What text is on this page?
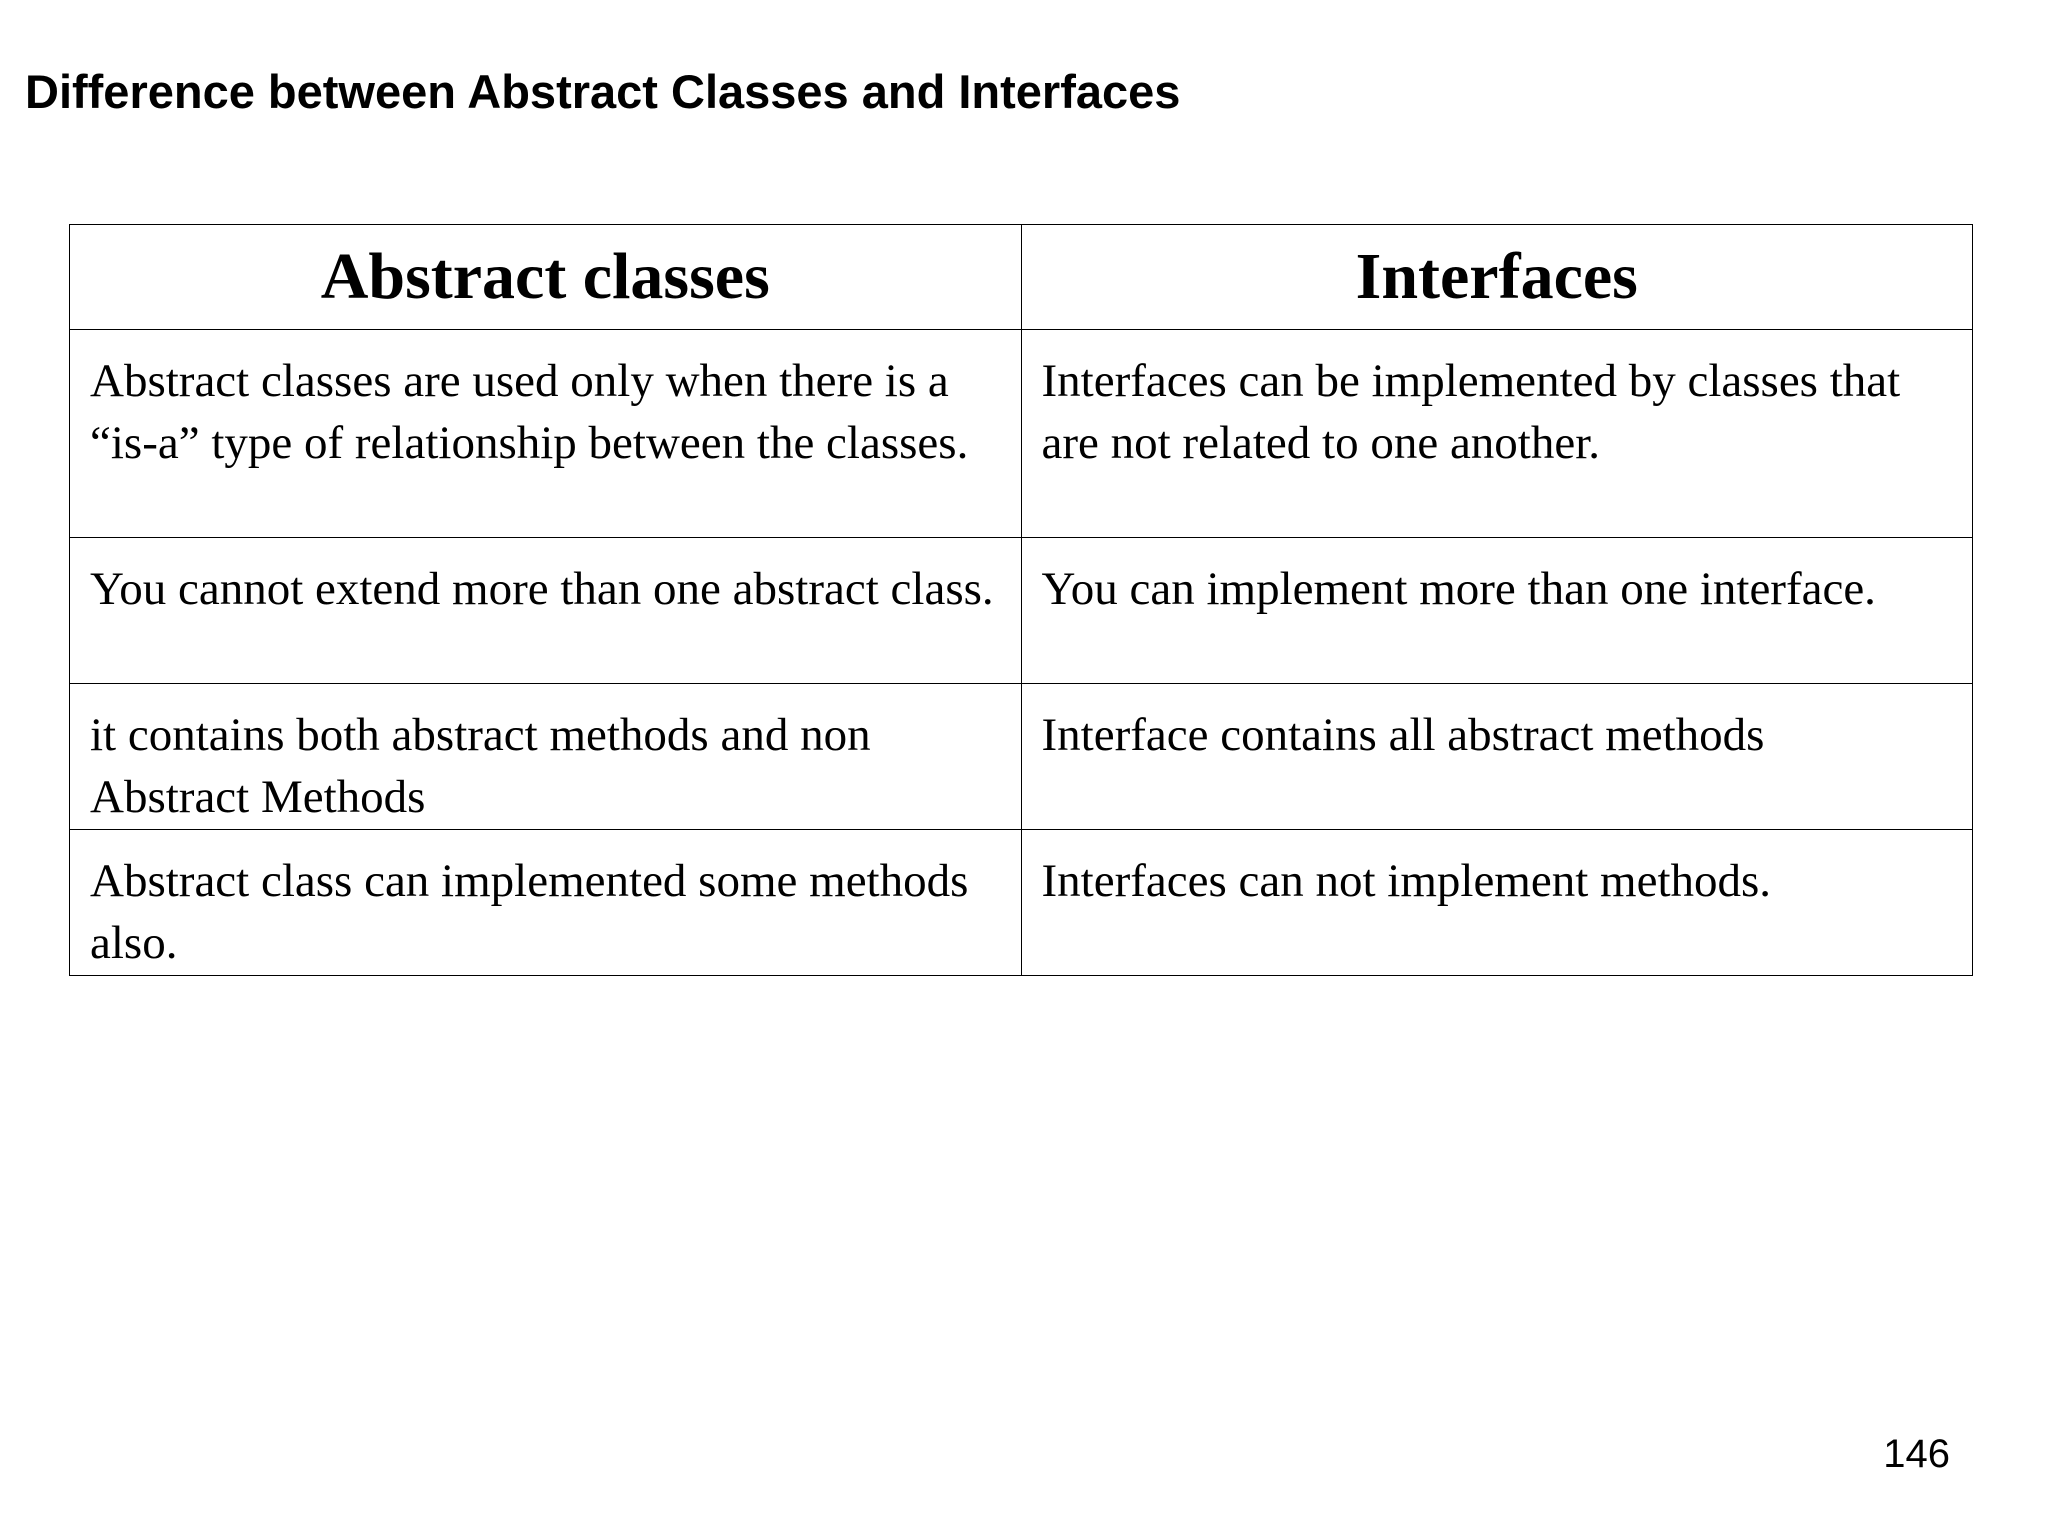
Difference between Abstract Classes and Interfaces
Abstract classes	Interfaces
Abstract classes are used only when there is a “is-a” type of relationship between the classes.	Interfaces can be implemented by classes that are not related to one another.
You cannot extend more than one abstract class.	You can implement more than one interface.
it contains both abstract methods and non Abstract Methods	Interface contains all abstract methods
Abstract class can implemented some methods also.	Interfaces can not implement methods.
146
